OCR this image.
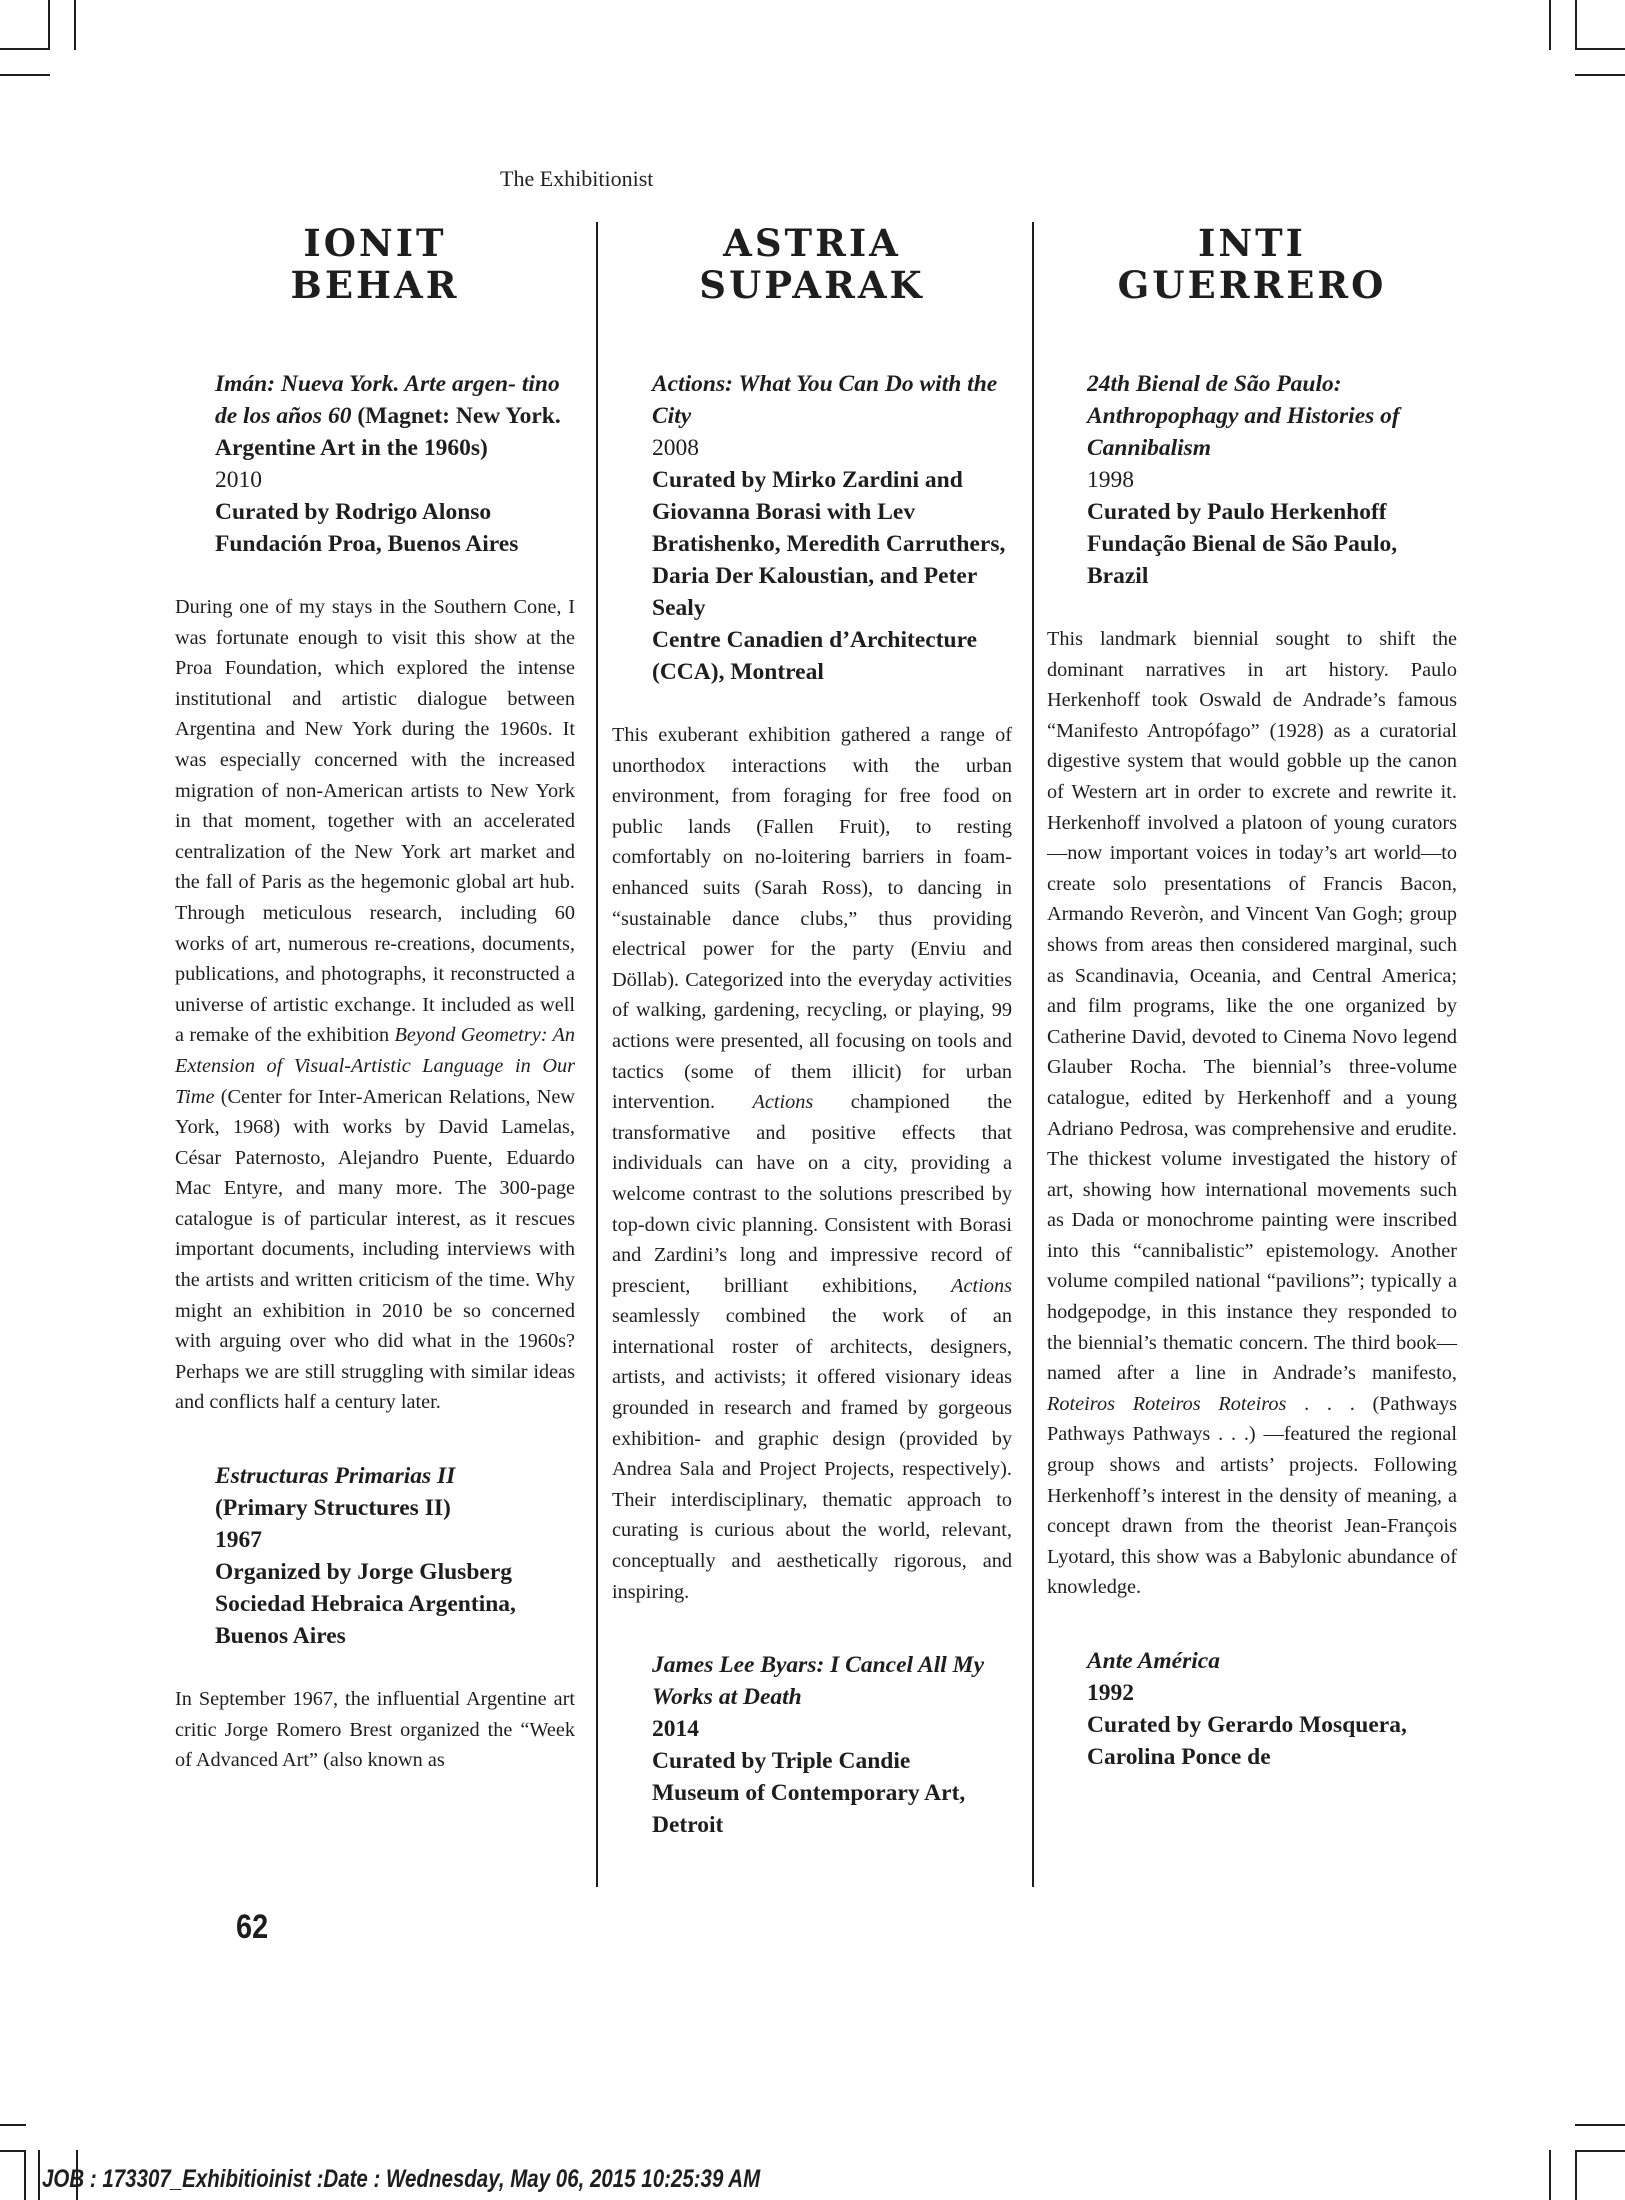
The Exhibitionist
IONIT
BEHAR
Imán: Nueva York. Arte argen- tino de los años 60 (Magnet: New York. Argentine Art in the 1960s)
2010
Curated by Rodrigo Alonso
Fundación Proa, Buenos Aires

During one of my stays in the Southern Cone, I was fortunate enough to visit this show at the Proa Foundation, which explored the intense institutional and artistic dialogue between Argentina and New York during the 1960s. It was especially concerned with the increased migration of non-American artists to New York in that moment, together with an accelerated centralization of the New York art market and the fall of Paris as the hegemonic global art hub. Through meticulous research, including 60 works of art, numerous re-creations, documents, publications, and photographs, it reconstructed a universe of artistic exchange. It included as well a remake of the exhibition Beyond Geometry: An Extension of Visual-Artistic Language in Our Time (Center for Inter-American Relations, New York, 1968) with works by David Lamelas, César Paternosto, Alejandro Puente, Eduardo Mac Entyre, and many more. The 300-page catalogue is of particular interest, as it rescues important documents, including interviews with the artists and written criticism of the time. Why might an exhibition in 2010 be so concerned with arguing over who did what in the 1960s? Perhaps we are still struggling with similar ideas and conflicts half a century later.

Estructuras Primarias II
(Primary Structures II)
1967
Organized by Jorge Glusberg
Sociedad Hebraica Argentina, Buenos Aires

In September 1967, the influential Argentine art critic Jorge Romero Brest organized the “Week of Advanced Art” (also known as

ASTRIA
SUPARAK
Actions: What You Can Do with the City
2008
Curated by Mirko Zardini and Giovanna Borasi with Lev Bratishenko, Meredith Carruthers, Daria Der Kaloustian, and Peter Sealy
Centre Canadien d’Architecture (CCA), Montreal

This exuberant exhibition gathered a range of unorthodox interactions with the urban environment, from foraging for free food on public lands (Fallen Fruit), to resting comfortably on no-loitering barriers in foam-enhanced suits (Sarah Ross), to dancing in “sustainable dance clubs,” thus providing electrical power for the party (Enviu and Döllab). Categorized into the everyday activities of walking, gardening, recycling, or playing, 99 actions were presented, all focusing on tools and tactics (some of them illicit) for urban intervention. Actions championed the transformative and positive effects that individuals can have on a city, providing a welcome contrast to the solutions prescribed by top-down civic planning. Consistent with Borasi and Zardini’s long and impressive record of prescient, brilliant exhibitions, Actions seamlessly combined the work of an international roster of architects, designers, artists, and activists; it offered visionary ideas grounded in research and framed by gorgeous exhibition- and graphic design (provided by Andrea Sala and Project Projects, respectively). Their interdisciplinary, thematic approach to curating is curious about the world, relevant, conceptually and aesthetically rigorous, and inspiring.

James Lee Byars: I Cancel All My Works at Death
2014
Curated by Triple Candie
Museum of Contemporary Art, Detroit
INTI
GUERRERO
24th Bienal de São Paulo: Anthropophagy and Histories of Cannibalism
1998
Curated by Paulo Herkenhoff
Fundação Bienal de São Paulo, Brazil

This landmark biennial sought to shift the dominant narratives in art history. Paulo Herkenhoff took Oswald de Andrade’s famous “Manifesto Antropófago” (1928) as a curatorial digestive system that would gobble up the canon of Western art in order to excrete and rewrite it. Herkenhoff involved a platoon of young curators—now important voices in today’s art world—to create solo presentations of Francis Bacon, Armando Reveròn, and Vincent Van Gogh; group shows from areas then considered marginal, such as Scandinavia, Oceania, and Central America; and film programs, like the one organized by Catherine David, devoted to Cinema Novo legend Glauber Rocha. The biennial’s three-volume catalogue, edited by Herkenhoff and a young Adriano Pedrosa, was comprehensive and erudite. The thickest volume investigated the history of art, showing how international movements such as Dada or monochrome painting were inscribed into this “cannibalistic” epistemology. Another volume compiled national “pavilions”; typically a hodgepodge, in this instance they responded to the biennial’s thematic concern. The third book—named after a line in Andrade’s manifesto, Roteiros Roteiros Roteiros . . . (Pathways Pathways Pathways . . .) —featured the regional group shows and artists’ projects. Following Herkenhoff’s interest in the density of meaning, a concept drawn from the theorist Jean-François Lyotard, this show was a Babylonic abundance of knowledge.

Ante América
1992
Curated by Gerardo Mosquera, Carolina Ponce de
62
JOB : 173307_Exhibitioinist :Date : Wednesday, May 06, 2015 10:25:39 AM
